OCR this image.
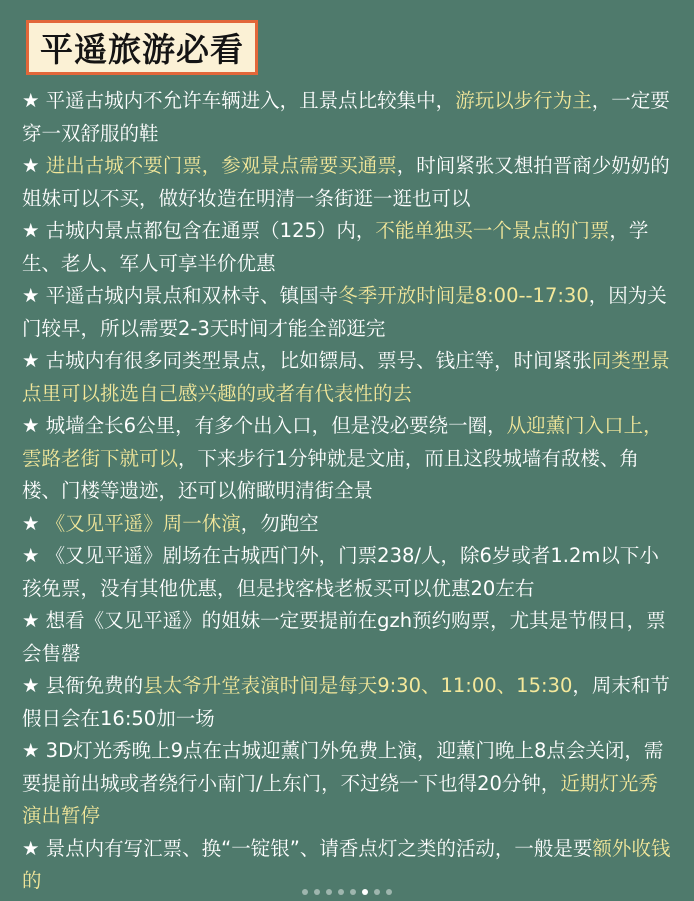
平遥旅游必看
★ 平遥古城内不允许车辆进入，且景点比较集中，游玩以步行为主，一定要穿一双舒服的鞋
★ 进出古城不要门票，参观景点需要买通票，时间紧张又想拍晋商少奶奶的姐妹可以不买，做好妆造在明清一条街逛一逛也可以
★ 古城内景点都包含在通票（125）内，不能单独买一个景点的门票，学生、老人、军人可享半价优惠
★ 平遥古城内景点和双林寺、镇国寺冬季开放时间是8:00--17:30，因为关门较早，所以需要2-3天时间才能全部逛完
★ 古城内有很多同类型景点，比如镖局、票号、钱庄等，时间紧张同类型景点里可以挑选自己感兴趣的或者有代表性的去
★ 城墙全长6公里，有多个出入口，但是没必要绕一圈，从迎薰门入口上，雲路老街下就可以，下来步行1分钟就是文庙，而且这段城墙有敌楼、角楼、门楼等遗迹，还可以俯瞰明清街全景
★ 《又见平遥》周一休演，勿跑空
★ 《又见平遥》剧场在古城西门外，门票238/人，除6岁或者1.2m以下小孩免票，没有其他优惠，但是找客栈老板买可以优惠20左右
★ 想看《又见平遥》的姐妹一定要提前在gzh预约购票，尤其是节假日，票会售罄
★ 县衙免费的县太爷升堂表演时间是每天9:30、11:00、15:30，周末和节假日会在16:50加一场
★ 3D灯光秀晚上9点在古城迎薰门外免费上演，迎薰门晚上8点会关闭，需要提前出城或者绕行小南门/上东门，不过绕一下也得20分钟，近期灯光秀演出暂停
★ 景点内有写汇票、换“一锭银”、请香点灯之类的活动，一般是要额外收钱的
